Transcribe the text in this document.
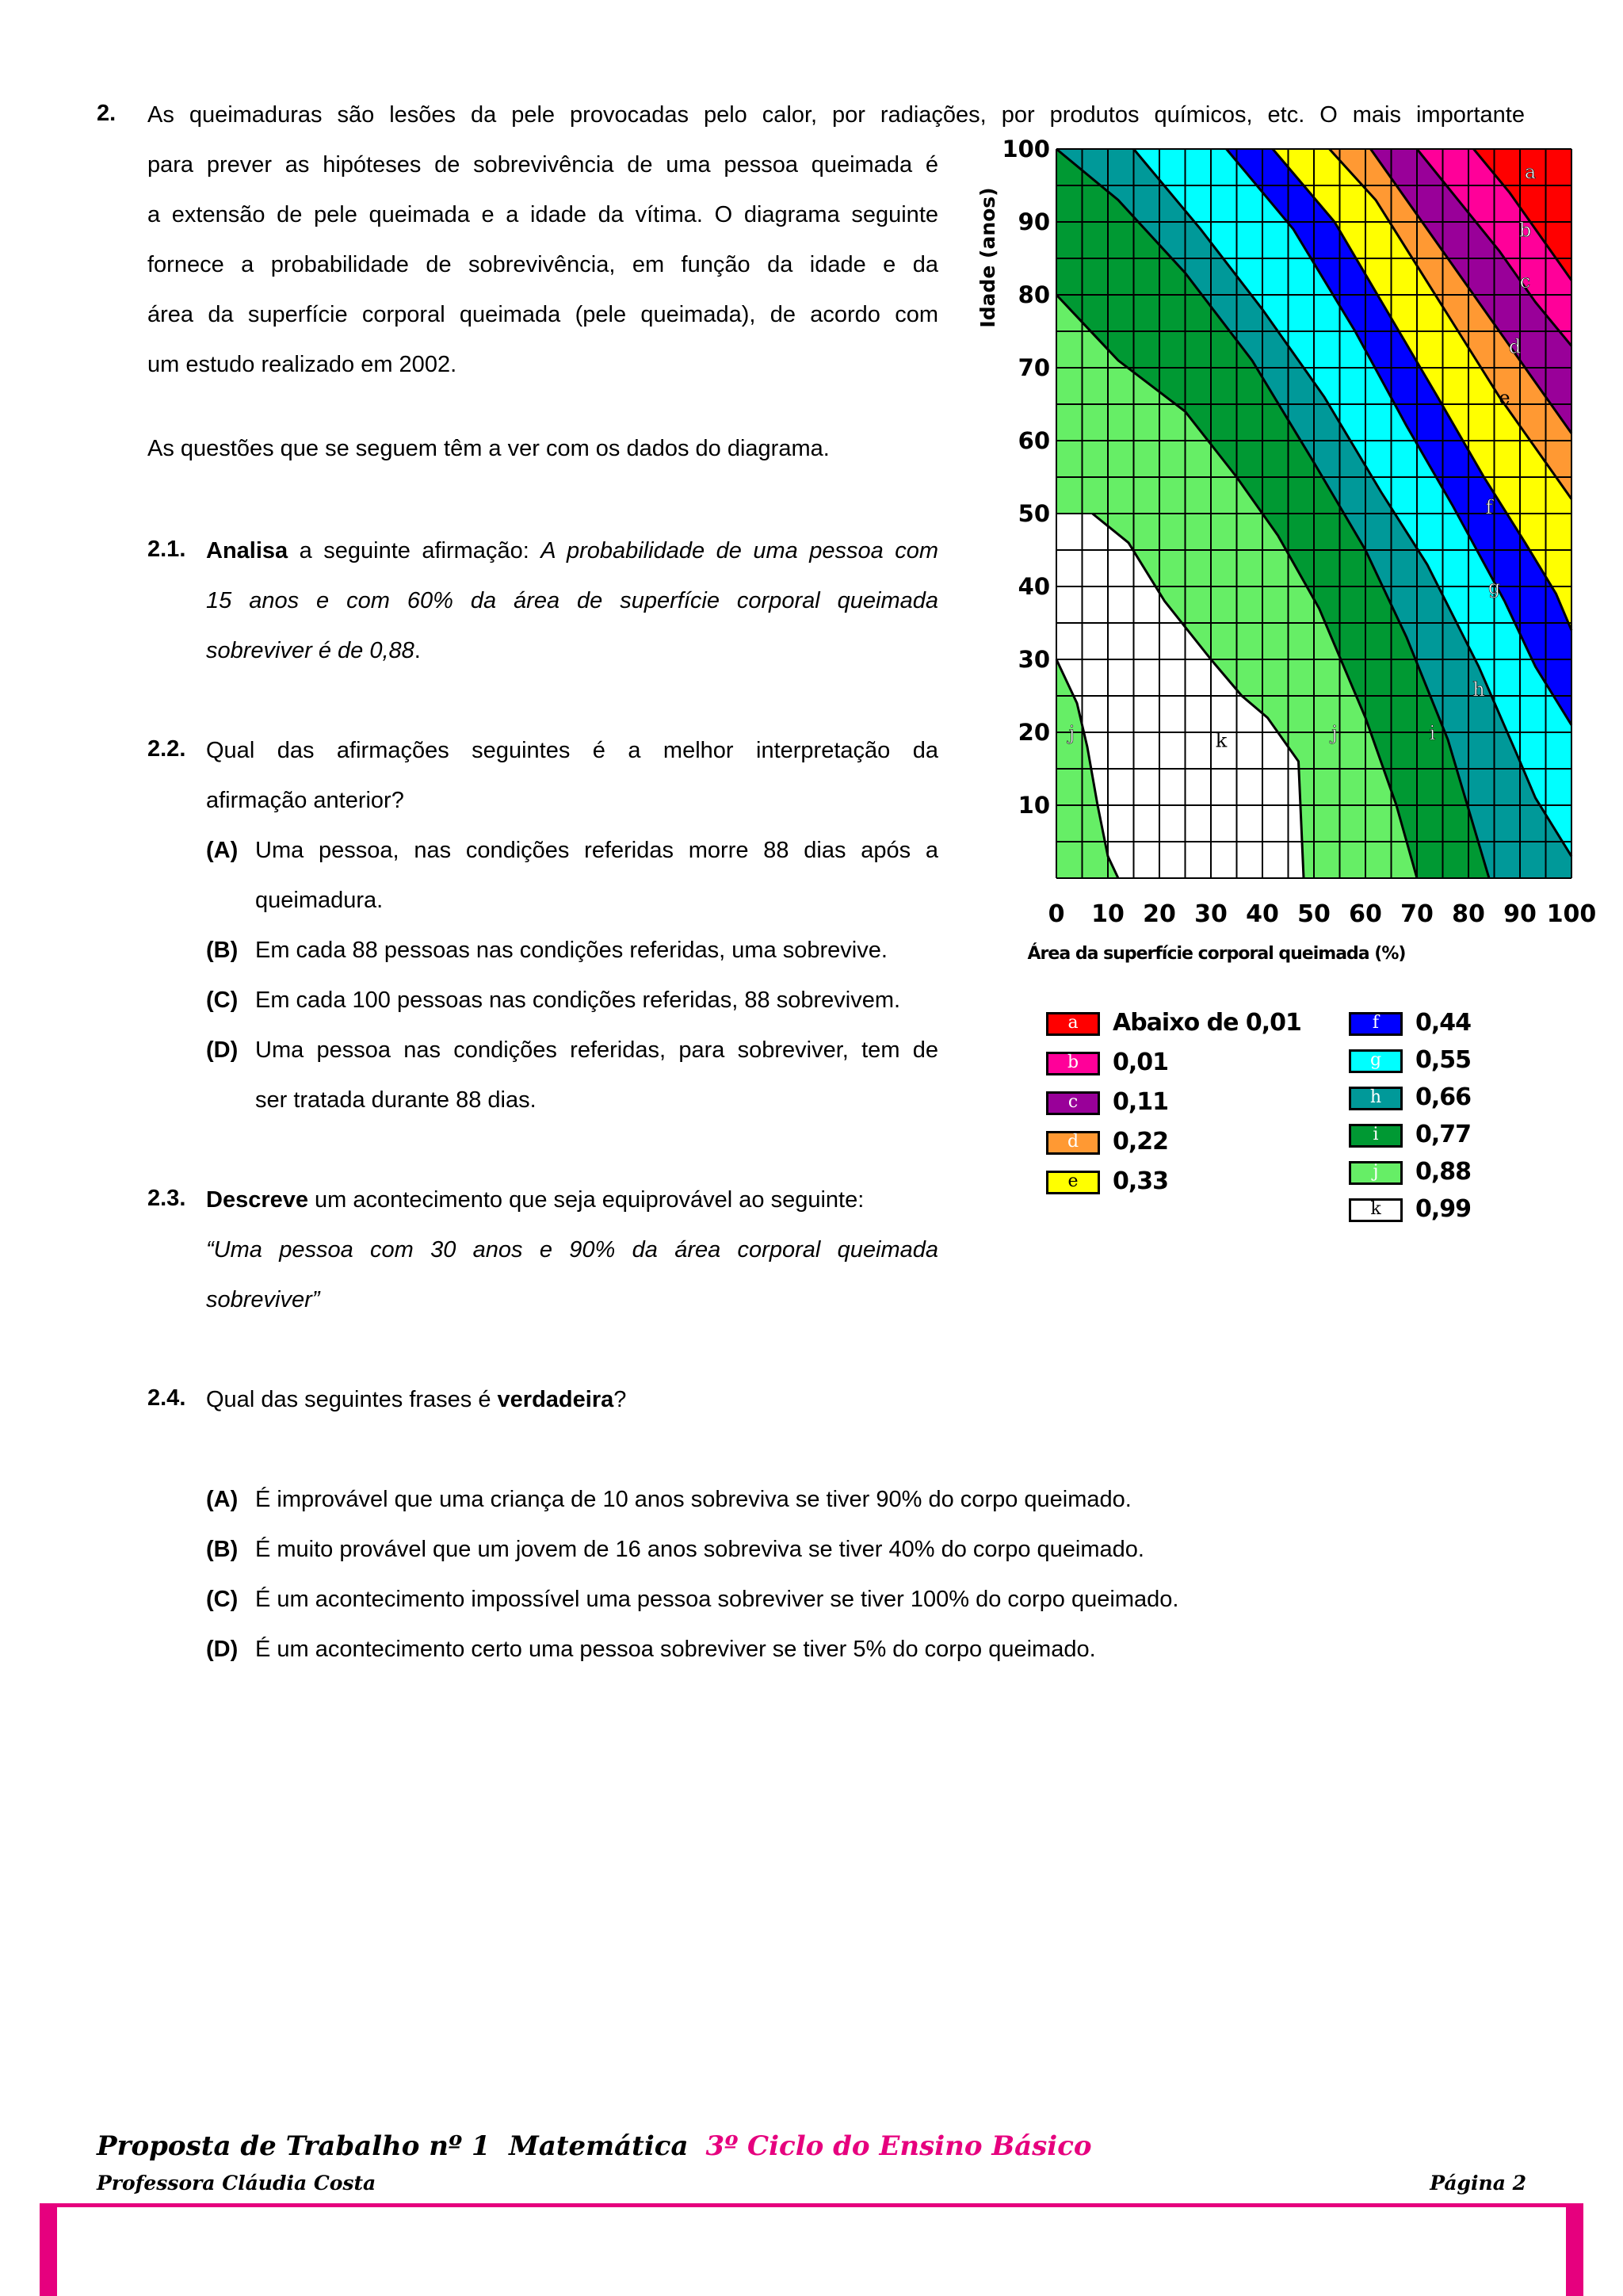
2. As queimaduras são lesões da pele provocadas pelo calor, por radiações, por produtos químicos, etc. O mais importante
para prever as hipóteses de sobrevivência de uma pessoa queimada é
a extensão de pele queimada e a idade da vítima. O diagrama seguinte
fornece a probabilidade de sobrevivência, em função da idade e da
área da superfície corporal queimada (pele queimada), de acordo com
um estudo realizado em 2002.
As questões que se seguem têm a ver com os dados do diagrama.
2.1. Analisa a seguinte afirmação: A probabilidade de uma pessoa com
15 anos e com 60% da área de superfície corporal queimada
sobreviver é de 0,88.
2.2. Qual das afirmações seguintes é a melhor interpretação da
afirmação anterior?
(A) Uma pessoa, nas condições referidas morre 88 dias após a
queimadura.
(B) Em cada 88 pessoas nas condições referidas, uma sobrevive.
(C) Em cada 100 pessoas nas condições referidas, 88 sobrevivem.
(D) Uma pessoa nas condições referidas, para sobreviver, tem de
ser tratada durante 88 dias.
2.3. Descreve um acontecimento que seja equiprovável ao seguinte:
“Uma pessoa com 30 anos e 90% da área corporal queimada
sobreviver”
2.4. Qual das seguintes frases é verdadeira?
(A) É improvável que uma criança de 10 anos sobreviva se tiver 90% do corpo queimado.
(B) É muito provável que um jovem de 16 anos sobreviva se tiver 40% do corpo queimado.
(C) É um acontecimento impossível uma pessoa sobreviver se tiver 100% do corpo queimado.
(D) É um acontecimento certo uma pessoa sobreviver se tiver 5% do corpo queimado.
a
b
c
d
e
f
g
h
i
j
k
j
0 10 20 30 40 50 60 70 80 90 100
10
20
30
40
50
60
70
80
90
100
Idade (anos)
Área da superfície corporal queimada (%)
a	Abaixo de 0,01
b	0,01
c	0,11
d	0,22
e	0,33
f	0,44
g	0,55
h	0,66
i	0,77
j	0,88
k	0,99
Proposta de Trabalho nº 1  Matemática 3º Ciclo do Ensino Básico
Professora Cláudia Costa	Página 2
